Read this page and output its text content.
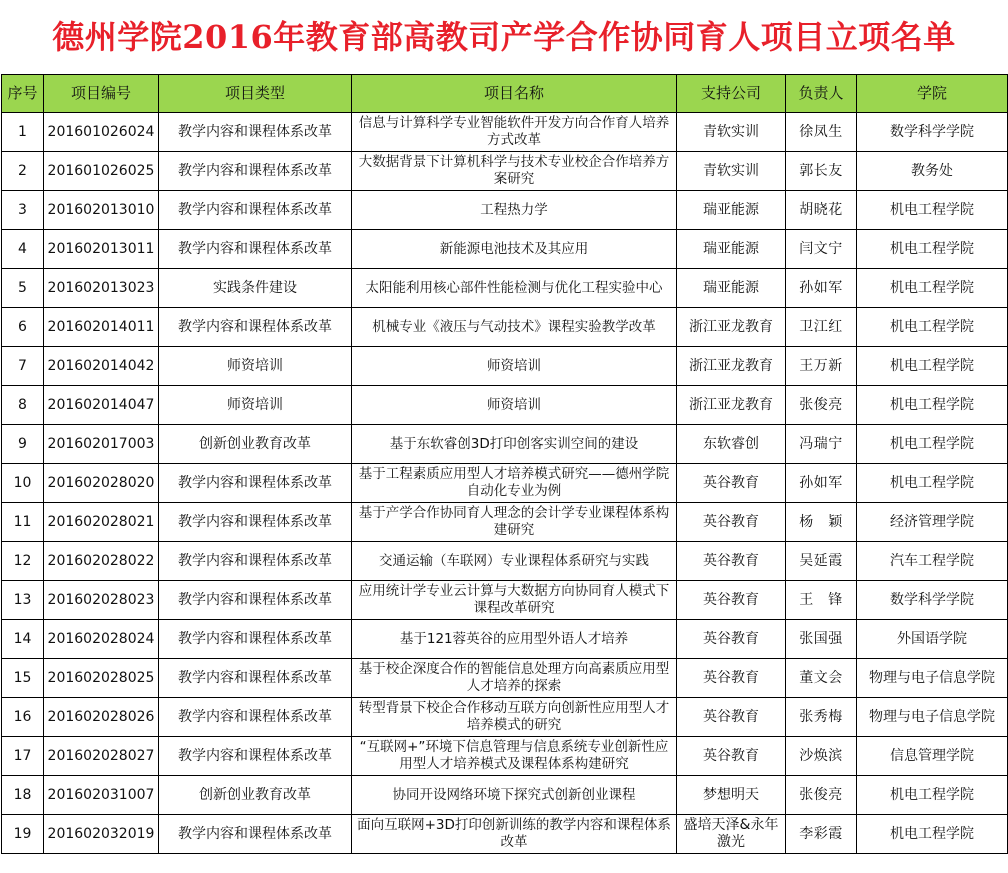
德州学院2016年教育部高教司产学合作协同育人项目立项名单
序号	项目编号	项目类型	项目名称	支持公司	负责人	学院
1	201601026024	教学内容和课程体系改革	信息与计算科学专业智能软件开发方向合作育人培养方式改革	青软实训	徐凤生	数学科学学院
2	201601026025	教学内容和课程体系改革	大数据背景下计算机科学与技术专业校企合作培养方案研究	青软实训	郭长友	教务处
3	201602013010	教学内容和课程体系改革	工程热力学	瑞亚能源	胡晓花	机电工程学院
4	201602013011	教学内容和课程体系改革	新能源电池技术及其应用	瑞亚能源	闫文宁	机电工程学院
5	201602013023	实践条件建设	太阳能利用核心部件性能检测与优化工程实验中心	瑞亚能源	孙如军	机电工程学院
6	201602014011	教学内容和课程体系改革	机械专业《液压与气动技术》课程实验教学改革	浙江亚龙教育	卫江红	机电工程学院
7	201602014042	师资培训	师资培训	浙江亚龙教育	王万新	机电工程学院
8	201602014047	师资培训	师资培训	浙江亚龙教育	张俊亮	机电工程学院
9	201602017003	创新创业教育改革	基于东软睿创3D打印创客实训空间的建设	东软睿创	冯瑞宁	机电工程学院
10	201602028020	教学内容和课程体系改革	基于工程素质应用型人才培养模式研究——德州学院自动化专业为例	英谷教育	孙如军	机电工程学院
11	201602028021	教学内容和课程体系改革	基于产学合作协同育人理念的会计学专业课程体系构建研究	英谷教育	杨　颖	经济管理学院
12	201602028022	教学内容和课程体系改革	交通运输（车联网）专业课程体系研究与实践	英谷教育	吴延霞	汽车工程学院
13	201602028023	教学内容和课程体系改革	应用统计学专业云计算与大数据方向协同育人模式下课程改革研究	英谷教育	王　锋	数学科学学院
14	201602028024	教学内容和课程体系改革	基于121蓉英谷的应用型外语人才培养	英谷教育	张国强	外国语学院
15	201602028025	教学内容和课程体系改革	基于校企深度合作的智能信息处理方向高素质应用型人才培养的探索	英谷教育	董文会	物理与电子信息学院
16	201602028026	教学内容和课程体系改革	转型背景下校企合作移动互联方向创新性应用型人才培养模式的研究	英谷教育	张秀梅	物理与电子信息学院
17	201602028027	教学内容和课程体系改革	“互联网+”环境下信息管理与信息系统专业创新性应用型人才培养模式及课程体系构建研究	英谷教育	沙焕滨	信息管理学院
18	201602031007	创新创业教育改革	协同开设网络环境下探究式创新创业课程	梦想明天	张俊亮	机电工程学院
19	201602032019	教学内容和课程体系改革	面向互联网+3D打印创新训练的教学内容和课程体系改革	盛培天泽&永年激光	李彩霞	机电工程学院
